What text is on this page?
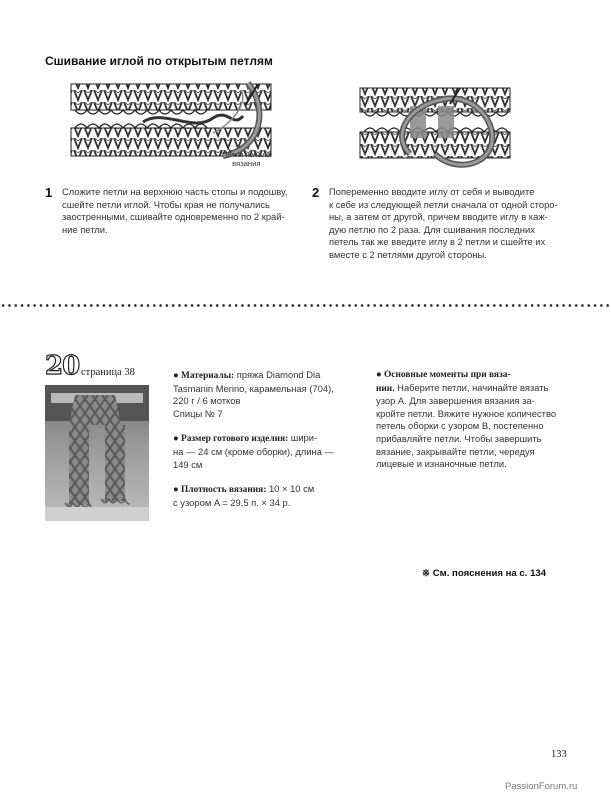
Сшивание иглой по открытым петлям
Петли начала
вязания
1 Сложите петли на верхнюю часть стопы и подошву,

сшейте петли иглой. Чтобы края не получались

заостренными, сшивайте одновременно по 2 край-

ние петли.

2 Попеременно вводите иглу от себя и выводите

к себе из следующей петли сначала от одной сторо-

ны, а затем от другой, причем вводите иглу в каж-

дую петлю по 2 раза. Для сшивания последних

петель так же введите иглу в 2 петли и сшейте их

вместе с 2 петлями другой стороны.

20 страница 38	● Материалы: пряжа Diamond Dia

Tasmanin Merino, карамельная (704),

220 г / 6 мотков

Спицы № 7

● Размер готового изделия: шири-

на — 24 см (кроме оборки), длина —

149 см

● Плотность вязания: 10 × 10 см

с узором A = 29,5 п. × 34 р.

● Основные моменты при вяза-

нии. Наберите петли, начинайте вязать

узор A. Для завершения вязания за-

кройте петли. Вяжите нужное количество

петель оборки с узором B, постепенно

прибавляйте петли. Чтобы завершить

вязание, закрывайте петли, чередуя

лицевые и изнаночные петли.

※ См. пояснения на с. 134
133
PassionForum.ru
